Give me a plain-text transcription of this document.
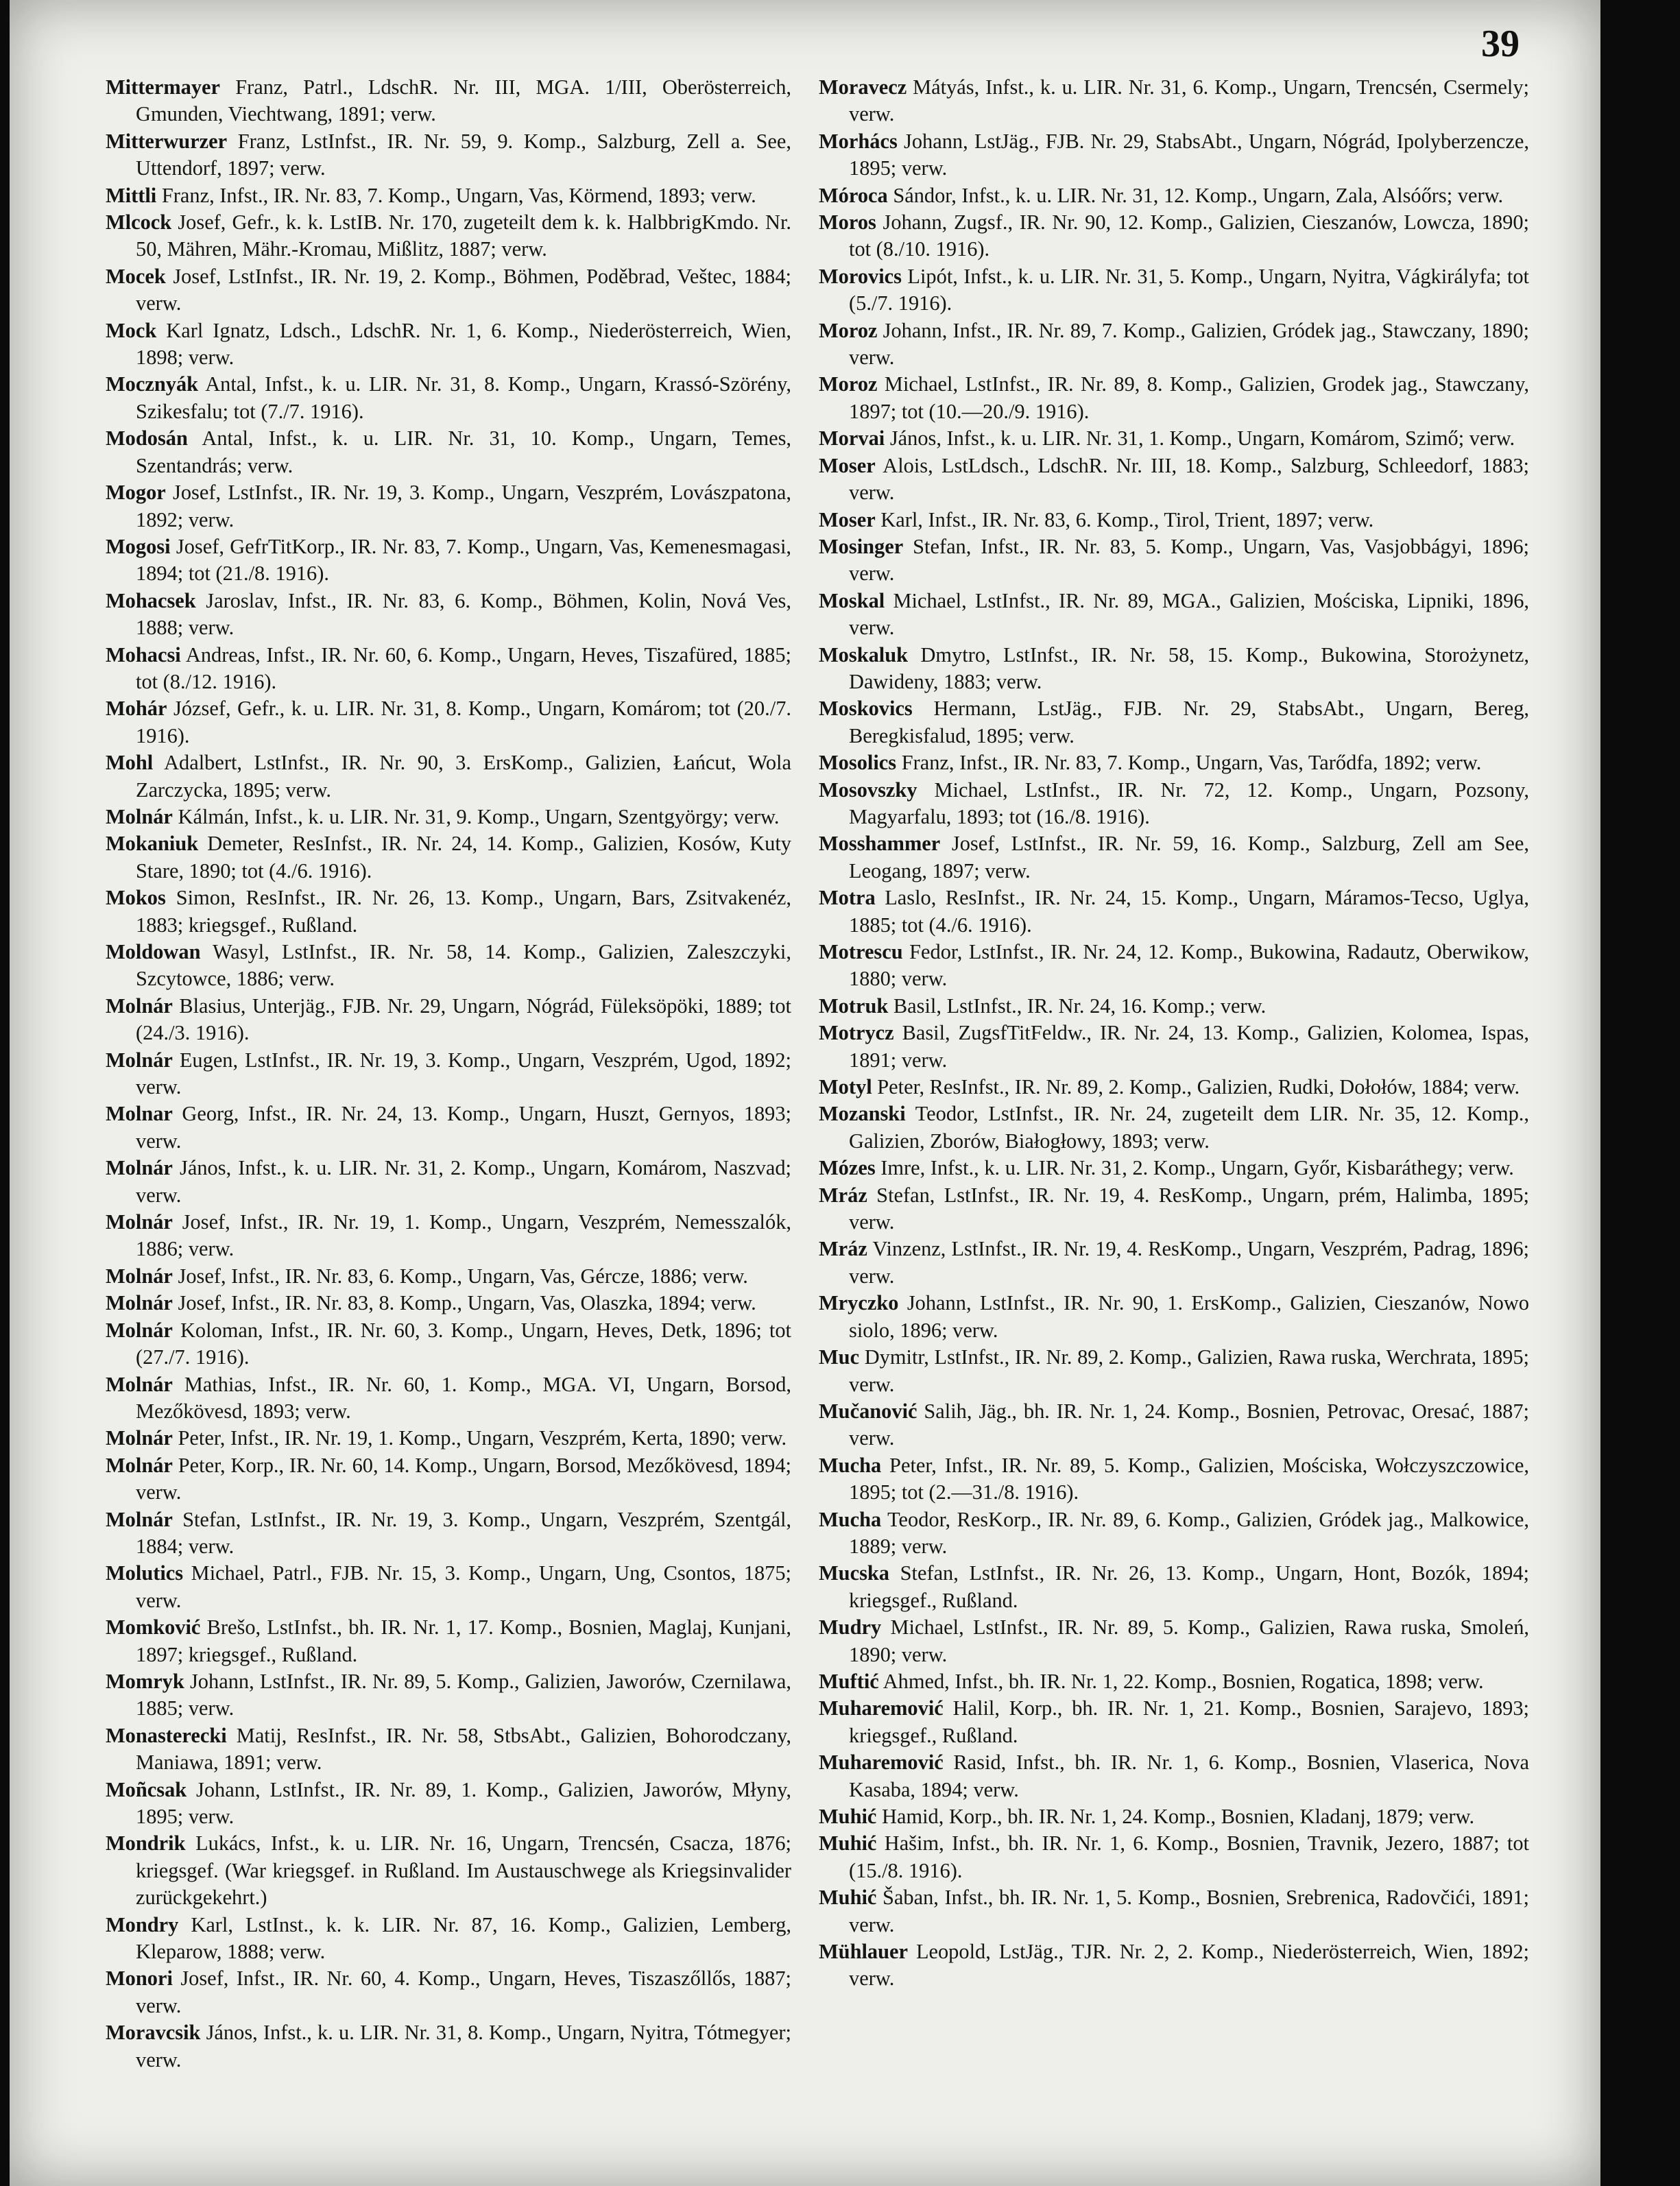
39

Mittermayer Franz, Patrl., LdschR. Nr. III, MGA. 1/III, Oberösterreich, Gmunden, Viechtwang, 1891; verw.

Mitterwurzer Franz, LstInfst., IR. Nr. 59, 9. Komp., Salzburg, Zell a. See, Uttendorf, 1897; verw.

Mittli Franz, Infst., IR. Nr. 83, 7. Komp., Ungarn, Vas, Körmend, 1893; verw.

Mlcock Josef, Gefr., k. k. LstIB. Nr. 170, zugeteilt dem k. k. HalbbrigKmdo. Nr. 50, Mähren, Mähr.-Kromau, Mißlitz, 1887; verw.

Mocek Josef, LstInfst., IR. Nr. 19, 2. Komp., Böhmen, Poděbrad, Veštec, 1884; verw.

Mock Karl Ignatz, Ldsch., LdschR. Nr. 1, 6. Komp., Niederösterreich, Wien, 1898; verw.

Mocznyák Antal, Infst., k. u. LIR. Nr. 31, 8. Komp., Ungarn, Krassó-Szörény, Szikesfalu; tot (7./7. 1916).

Modosán Antal, Infst., k. u. LIR. Nr. 31, 10. Komp., Ungarn, Temes, Szentandrás; verw.

Mogor Josef, LstInfst., IR. Nr. 19, 3. Komp., Ungarn, Veszprém, Lovászpatona, 1892; verw.

Mogosi Josef, GefrTitKorp., IR. Nr. 83, 7. Komp., Ungarn, Vas, Kemenesmagasi, 1894; tot (21./8. 1916).

Mohacsek Jaroslav, Infst., IR. Nr. 83, 6. Komp., Böhmen, Kolin, Nová Ves, 1888; verw.

Mohacsi Andreas, Infst., IR. Nr. 60, 6. Komp., Ungarn, Heves, Tiszafüred, 1885; tot (8./12. 1916).

Mohár József, Gefr., k. u. LIR. Nr. 31, 8. Komp., Ungarn, Komárom; tot (20./7. 1916).

Mohl Adalbert, LstInfst., IR. Nr. 90, 3. ErsKomp., Galizien, Łańcut, Wola Zarczycka, 1895; verw.

Molnár Kálmán, Infst., k. u. LIR. Nr. 31, 9. Komp., Ungarn, Szentgyörgy; verw.

Mokaniuk Demeter, ResInfst., IR. Nr. 24, 14. Komp., Galizien, Kosów, Kuty Stare, 1890; tot (4./6. 1916).

Mokos Simon, ResInfst., IR. Nr. 26, 13. Komp., Ungarn, Bars, Zsitvakenéz, 1883; kriegsgef., Rußland.

Moldowan Wasyl, LstInfst., IR. Nr. 58, 14. Komp., Galizien, Zaleszczyki, Szcytowce, 1886; verw.

Molnár Blasius, Unterjäg., FJB. Nr. 29, Ungarn, Nógrád, Füleksöpöki, 1889; tot (24./3. 1916).

Molnár Eugen, LstInfst., IR. Nr. 19, 3. Komp., Ungarn, Veszprém, Ugod, 1892; verw.

Molnar Georg, Infst., IR. Nr. 24, 13. Komp., Ungarn, Huszt, Gernyos, 1893; verw.

Molnár János, Infst., k. u. LIR. Nr. 31, 2. Komp., Ungarn, Komárom, Naszvad; verw.

Molnár Josef, Infst., IR. Nr. 19, 1. Komp., Ungarn, Veszprém, Nemesszalók, 1886; verw.

Molnár Josef, Infst., IR. Nr. 83, 6. Komp., Ungarn, Vas, Gércze, 1886; verw.

Molnár Josef, Infst., IR. Nr. 83, 8. Komp., Ungarn, Vas, Olaszka, 1894; verw.

Molnár Koloman, Infst., IR. Nr. 60, 3. Komp., Ungarn, Heves, Detk, 1896; tot (27./7. 1916).

Molnár Mathias, Infst., IR. Nr. 60, 1. Komp., MGA. VI, Ungarn, Borsod, Mezőkövesd, 1893; verw.

Molnár Peter, Infst., IR. Nr. 19, 1. Komp., Ungarn, Veszprém, Kerta, 1890; verw.

Molnár Peter, Korp., IR. Nr. 60, 14. Komp., Ungarn, Borsod, Mezőkövesd, 1894; verw.

Molnár Stefan, LstInfst., IR. Nr. 19, 3. Komp., Ungarn, Veszprém, Szentgál, 1884; verw.

Molutics Michael, Patrl., FJB. Nr. 15, 3. Komp., Ungarn, Ung, Csontos, 1875; verw.

Momković Brešo, LstInfst., bh. IR. Nr. 1, 17. Komp., Bosnien, Maglaj, Kunjani, 1897; kriegsgef., Rußland.

Momryk Johann, LstInfst., IR. Nr. 89, 5. Komp., Galizien, Jaworów, Czernilawa, 1885; verw.

Monasterecki Matij, ResInfst., IR. Nr. 58, StbsAbt., Galizien, Bohorodczany, Maniawa, 1891; verw.

Moñcsak Johann, LstInfst., IR. Nr. 89, 1. Komp., Galizien, Jaworów, Młyny, 1895; verw.

Mondrik Lukács, Infst., k. u. LIR. Nr. 16, Ungarn, Trencsén, Csacza, 1876; kriegsgef. (War kriegsgef. in Rußland. Im Austauschwege als Kriegsinvalider zurückgekehrt.)

Mondry Karl, LstInst., k. k. LIR. Nr. 87, 16. Komp., Galizien, Lemberg, Kleparow, 1888; verw.

Monori Josef, Infst., IR. Nr. 60, 4. Komp., Ungarn, Heves, Tiszaszőllős, 1887; verw.

Moravcsik János, Infst., k. u. LIR. Nr. 31, 8. Komp., Ungarn, Nyitra, Tótmegyer; verw.

Moravecz Mátyás, Infst., k. u. LIR. Nr. 31, 6. Komp., Ungarn, Trencsén, Csermely; verw.

Morhács Johann, LstJäg., FJB. Nr. 29, StabsAbt., Ungarn, Nógrád, Ipolyberzencze, 1895; verw.

Móroca Sándor, Infst., k. u. LIR. Nr. 31, 12. Komp., Ungarn, Zala, Alsóőrs; verw.

Moros Johann, Zugsf., IR. Nr. 90, 12. Komp., Galizien, Cieszanów, Lowcza, 1890; tot (8./10. 1916).

Morovics Lipót, Infst., k. u. LIR. Nr. 31, 5. Komp., Ungarn, Nyitra, Vágkirályfa; tot (5./7. 1916).

Moroz Johann, Infst., IR. Nr. 89, 7. Komp., Galizien, Gródek jag., Stawczany, 1890; verw.

Moroz Michael, LstInfst., IR. Nr. 89, 8. Komp., Galizien, Grodek jag., Stawczany, 1897; tot (10.—20./9. 1916).

Morvai János, Infst., k. u. LIR. Nr. 31, 1. Komp., Ungarn, Komárom, Szimő; verw.

Moser Alois, LstLdsch., LdschR. Nr. III, 18. Komp., Salzburg, Schleedorf, 1883; verw.

Moser Karl, Infst., IR. Nr. 83, 6. Komp., Tirol, Trient, 1897; verw.

Mosinger Stefan, Infst., IR. Nr. 83, 5. Komp., Ungarn, Vas, Vasjobbágyi, 1896; verw.

Moskal Michael, LstInfst., IR. Nr. 89, MGA., Galizien, Mościska, Lipniki, 1896, verw.

Moskaluk Dmytro, LstInfst., IR. Nr. 58, 15. Komp., Bukowina, Storożynetz, Dawideny, 1883; verw.

Moskovics Hermann, LstJäg., FJB. Nr. 29, StabsAbt., Ungarn, Bereg, Beregkisfalud, 1895; verw.

Mosolics Franz, Infst., IR. Nr. 83, 7. Komp., Ungarn, Vas, Tarődfa, 1892; verw.

Mosovszky Michael, LstInfst., IR. Nr. 72, 12. Komp., Ungarn, Pozsony, Magyarfalu, 1893; tot (16./8. 1916).

Mosshammer Josef, LstInfst., IR. Nr. 59, 16. Komp., Salzburg, Zell am See, Leogang, 1897; verw.

Motra Laslo, ResInfst., IR. Nr. 24, 15. Komp., Ungarn, Máramos-Tecso, Uglya, 1885; tot (4./6. 1916).

Motrescu Fedor, LstInfst., IR. Nr. 24, 12. Komp., Bukowina, Radautz, Oberwikow, 1880; verw.

Motruk Basil, LstInfst., IR. Nr. 24, 16. Komp.; verw.

Motrycz Basil, ZugsfTitFeldw., IR. Nr. 24, 13. Komp., Galizien, Kolomea, Ispas, 1891; verw.

Motyl Peter, ResInfst., IR. Nr. 89, 2. Komp., Galizien, Rudki, Dołołów, 1884; verw.

Mozanski Teodor, LstInfst., IR. Nr. 24, zugeteilt dem LIR. Nr. 35, 12. Komp., Galizien, Zborów, Białogłowy, 1893; verw.

Mózes Imre, Infst., k. u. LIR. Nr. 31, 2. Komp., Ungarn, Győr, Kisbaráthegy; verw.

Mráz Stefan, LstInfst., IR. Nr. 19, 4. ResKomp., Ungarn, prém, Halimba, 1895; verw.

Mráz Vinzenz, LstInfst., IR. Nr. 19, 4. ResKomp., Ungarn, Veszprém, Padrag, 1896; verw.

Mryczko Johann, LstInfst., IR. Nr. 90, 1. ErsKomp., Galizien, Cieszanów, Nowo siolo, 1896; verw.

Muc Dymitr, LstInfst., IR. Nr. 89, 2. Komp., Galizien, Rawa ruska, Werchrata, 1895; verw.

Mučanović Salih, Jäg., bh. IR. Nr. 1, 24. Komp., Bosnien, Petrovac, Oresać, 1887; verw.

Mucha Peter, Infst., IR. Nr. 89, 5. Komp., Galizien, Mościska, Wołczyszczowice, 1895; tot (2.—31./8. 1916).

Mucha Teodor, ResKorp., IR. Nr. 89, 6. Komp., Galizien, Gródek jag., Malkowice, 1889; verw.

Mucska Stefan, LstInfst., IR. Nr. 26, 13. Komp., Ungarn, Hont, Bozók, 1894; kriegsgef., Rußland.

Mudry Michael, LstInfst., IR. Nr. 89, 5. Komp., Galizien, Rawa ruska, Smoleń, 1890; verw.

Muftić Ahmed, Infst., bh. IR. Nr. 1, 22. Komp., Bosnien, Rogatica, 1898; verw.

Muharemović Halil, Korp., bh. IR. Nr. 1, 21. Komp., Bosnien, Sarajevo, 1893; kriegsgef., Rußland.

Muharemović Rasid, Infst., bh. IR. Nr. 1, 6. Komp., Bosnien, Vlaserica, Nova Kasaba, 1894; verw.

Muhić Hamid, Korp., bh. IR. Nr. 1, 24. Komp., Bosnien, Kladanj, 1879; verw.

Muhić Hašim, Infst., bh. IR. Nr. 1, 6. Komp., Bosnien, Travnik, Jezero, 1887; tot (15./8. 1916).

Muhić Šaban, Infst., bh. IR. Nr. 1, 5. Komp., Bosnien, Srebrenica, Radovčići, 1891; verw.

Mühlauer Leopold, LstJäg., TJR. Nr. 2, 2. Komp., Niederösterreich, Wien, 1892; verw.
